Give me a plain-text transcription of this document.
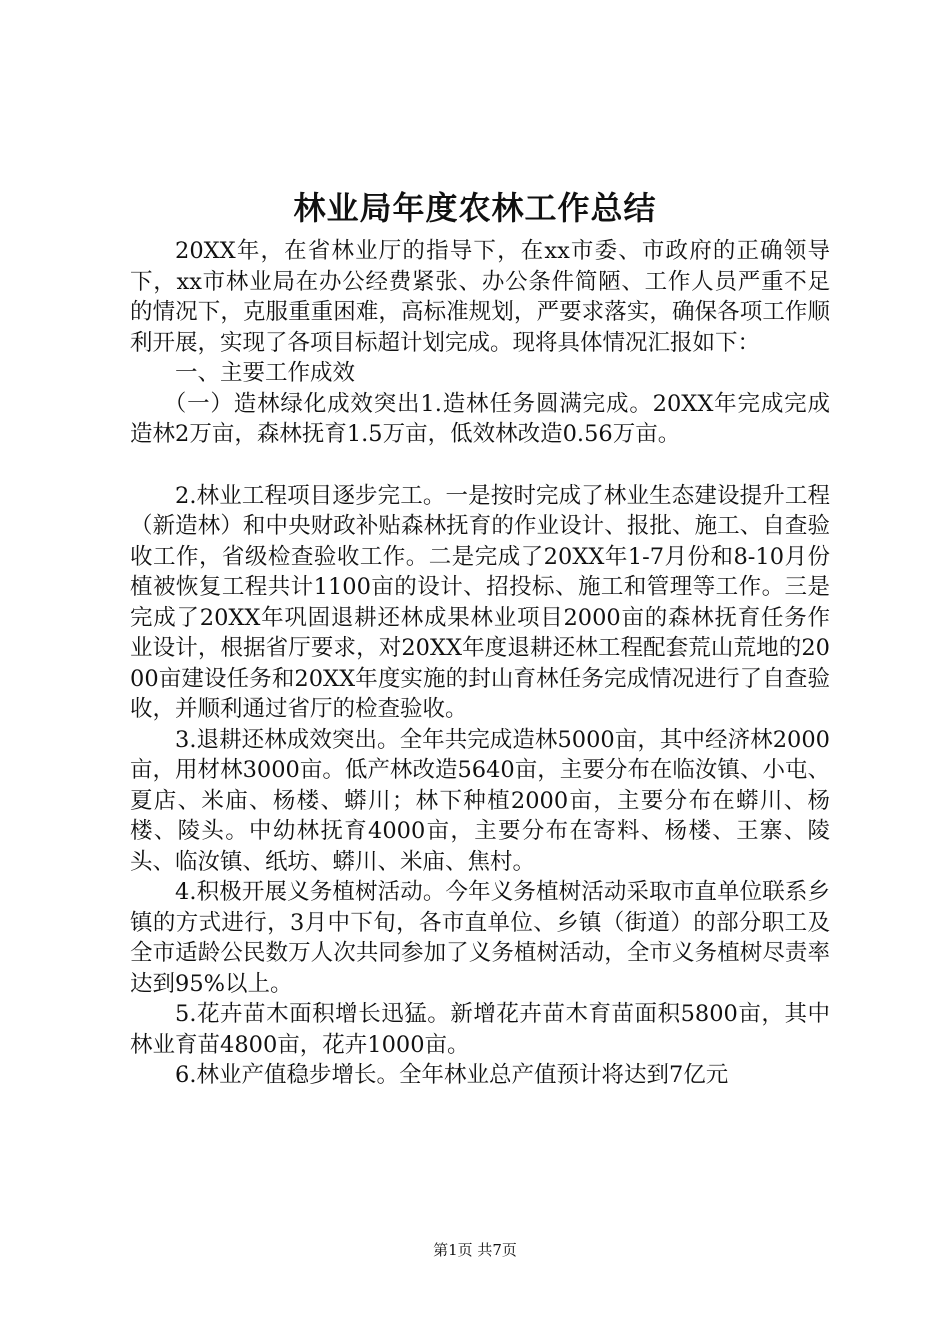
林业局年度农林工作总结

20XX年，在省林业厅的指导下，在xx市委、市政府的正确领导下，xx市林业局在办公经费紧张、办公条件简陋、工作人员严重不足的情况下，克服重重困难，高标准规划，严要求落实，确保各项工作顺利开展，实现了各项目标超计划完成。现将具体情况汇报如下：

一、主要工作成效

（一）造林绿化成效突出1.造林任务圆满完成。20XX年完成完成造林2万亩，森林抚育1.5万亩，低效林改造0.56万亩。

2.林业工程项目逐步完工。一是按时完成了林业生态建设提升工程（新造林）和中央财政补贴森林抚育的作业设计、报批、施工、自查验收工作，省级检查验收工作。二是完成了20XX年1-7月份和8-10月份植被恢复工程共计1100亩的设计、招投标、施工和管理等工作。三是完成了20XX年巩固退耕还林成果林业项目2000亩的森林抚育任务作业设计，根据省厅要求，对20XX年度退耕还林工程配套荒山荒地的2000亩建设任务和20XX年度实施的封山育林任务完成情况进行了自查验收，并顺利通过省厅的检查验收。

3.退耕还林成效突出。全年共完成造林5000亩，其中经济林2000亩，用材林3000亩。低产林改造5640亩，主要分布在临汝镇、小屯、夏店、米庙、杨楼、蟒川；林下种植2000亩，主要分布在蟒川、杨楼、陵头。中幼林抚育4000亩，主要分布在寄料、杨楼、王寨、陵头、临汝镇、纸坊、蟒川、米庙、焦村。

4.积极开展义务植树活动。今年义务植树活动采取市直单位联系乡镇的方式进行，3月中下旬，各市直单位、乡镇（街道）的部分职工及全市适龄公民数万人次共同参加了义务植树活动，全市义务植树尽责率达到95%以上。

5.花卉苗木面积增长迅猛。新增花卉苗木育苗面积5800亩，其中林业育苗4800亩，花卉1000亩。

6.林业产值稳步增长。全年林业总产值预计将达到7亿元

第1页 共7页
